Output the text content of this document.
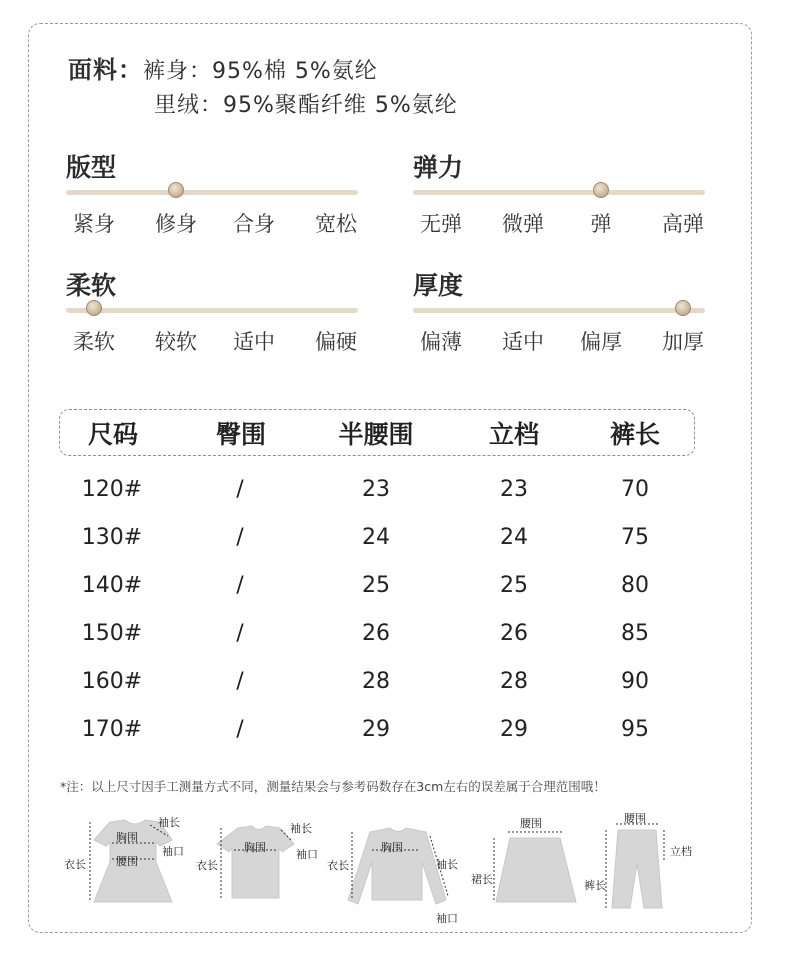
面料：裤身：95%棉 5%氨纶
里绒：95%聚酯纤维 5%氨纶
版型
紧身	修身	合身	宽松
弹力
无弹	微弹	弹	高弹
柔软
柔软	较软	适中	偏硬
厚度
偏薄	适中	偏厚	加厚
尺码	臀围	半腰围	立档	裤长
120#	/	23	23	70
130#	/	24	24	75
140#	/	25	25	80
150#	/	26	26	85
160#	/	28	28	90
170#	/	29	29	95
*注：以上尺寸因手工测量方式不同，测量结果会与参考码数存在3cm左右的误差属于合理范围哦！
胸围
袖长
袖口
衣长	腰围
胸围
袖长
袖口
衣长
胸围
袖长
袖口
衣长
腰围
裙长
腰围
立档
裤长
